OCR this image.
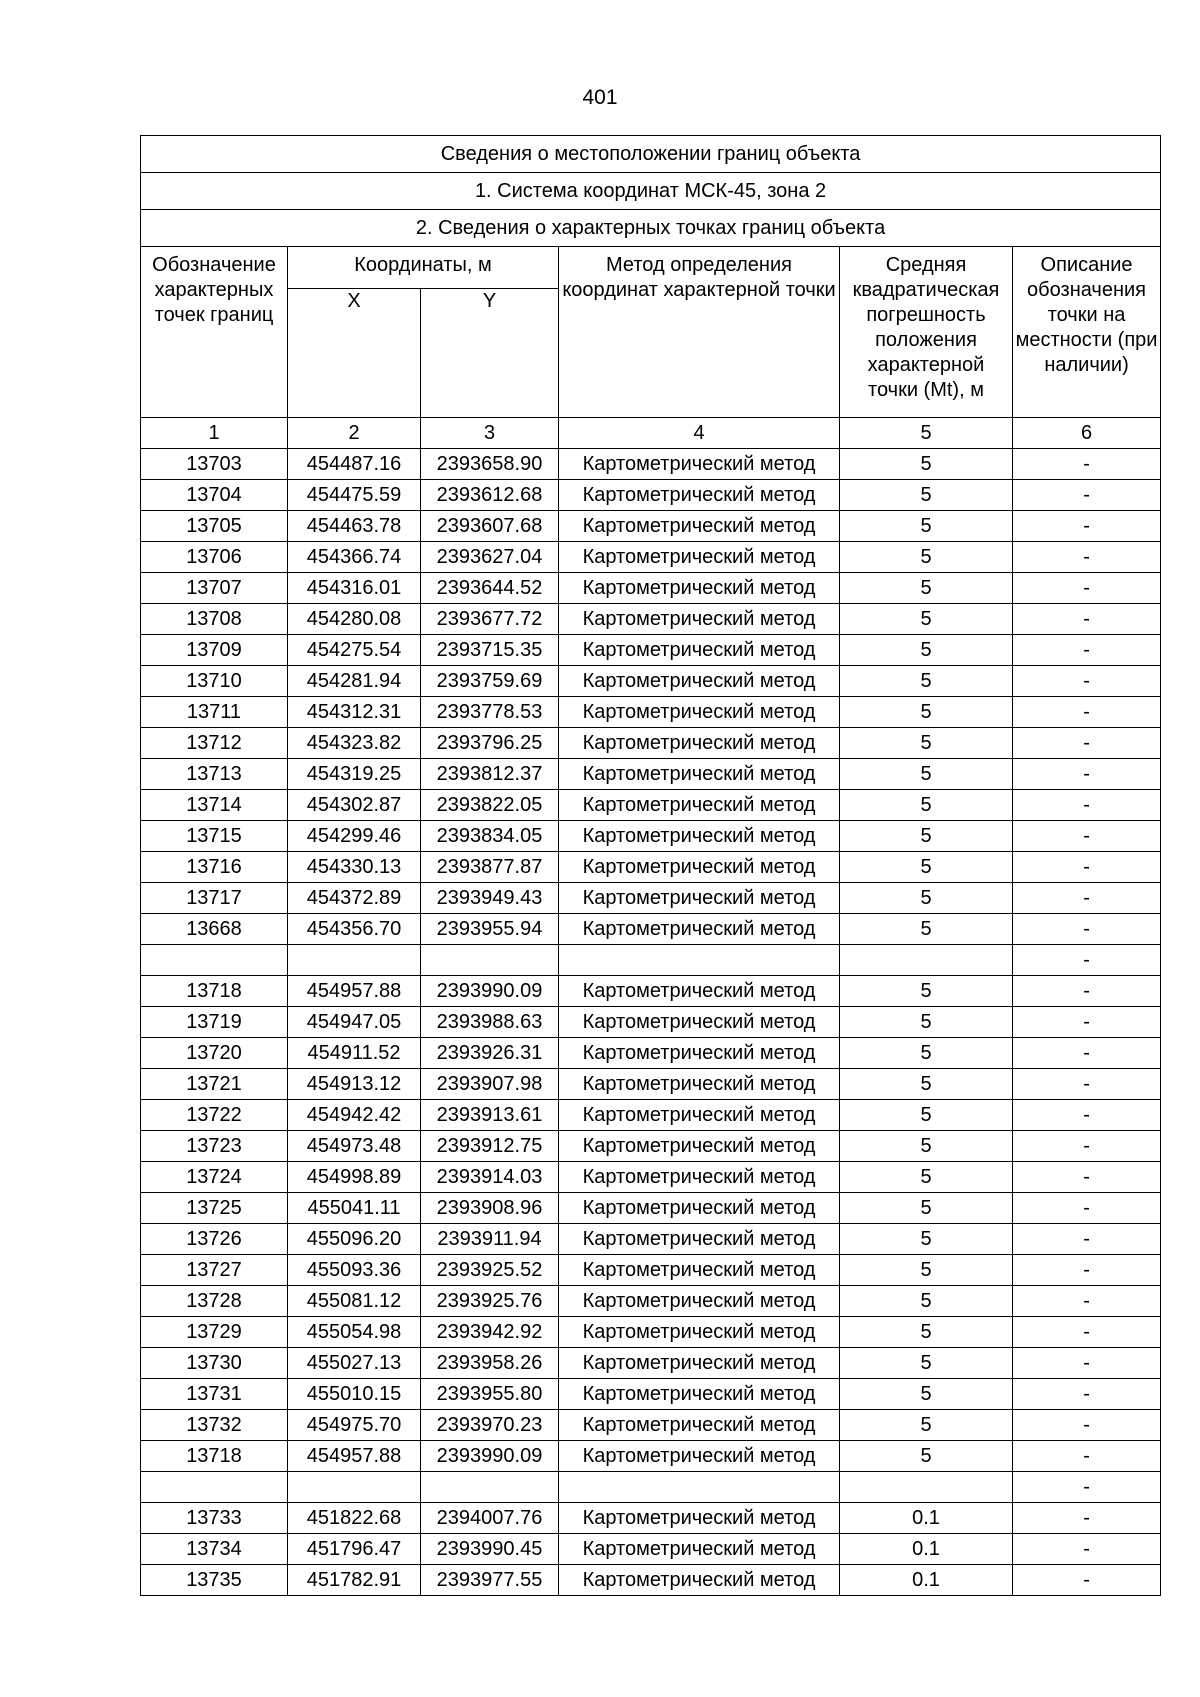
401
Сведения о местоположении границ объекта					
1. Система координат МСК-45, зона 2					
2. Сведения о характерных точках границ объекта					
Обозначение характерных точек границ	Координаты, м		Метод определения координат характерной точки	Средняя квадратическая погрешность положения характерной точки (Mt), м	Описание обозначения точки на местности (при наличии)
	X	Y			
1	2	3	4	5	6
13703	454487.16	2393658.90	Картометрический метод	5	-
13704	454475.59	2393612.68	Картометрический метод	5	-
13705	454463.78	2393607.68	Картометрический метод	5	-
13706	454366.74	2393627.04	Картометрический метод	5	-
13707	454316.01	2393644.52	Картометрический метод	5	-
13708	454280.08	2393677.72	Картометрический метод	5	-
13709	454275.54	2393715.35	Картометрический метод	5	-
13710	454281.94	2393759.69	Картометрический метод	5	-
13711	454312.31	2393778.53	Картометрический метод	5	-
13712	454323.82	2393796.25	Картометрический метод	5	-
13713	454319.25	2393812.37	Картометрический метод	5	-
13714	454302.87	2393822.05	Картометрический метод	5	-
13715	454299.46	2393834.05	Картометрический метод	5	-
13716	454330.13	2393877.87	Картометрический метод	5	-
13717	454372.89	2393949.43	Картометрический метод	5	-
13668	454356.70	2393955.94	Картометрический метод	5	-
					-
13718	454957.88	2393990.09	Картометрический метод	5	-
13719	454947.05	2393988.63	Картометрический метод	5	-
13720	454911.52	2393926.31	Картометрический метод	5	-
13721	454913.12	2393907.98	Картометрический метод	5	-
13722	454942.42	2393913.61	Картометрический метод	5	-
13723	454973.48	2393912.75	Картометрический метод	5	-
13724	454998.89	2393914.03	Картометрический метод	5	-
13725	455041.11	2393908.96	Картометрический метод	5	-
13726	455096.20	2393911.94	Картометрический метод	5	-
13727	455093.36	2393925.52	Картометрический метод	5	-
13728	455081.12	2393925.76	Картометрический метод	5	-
13729	455054.98	2393942.92	Картометрический метод	5	-
13730	455027.13	2393958.26	Картометрический метод	5	-
13731	455010.15	2393955.80	Картометрический метод	5	-
13732	454975.70	2393970.23	Картометрический метод	5	-
13718	454957.88	2393990.09	Картометрический метод	5	-
					-
13733	451822.68	2394007.76	Картометрический метод	0.1	-
13734	451796.47	2393990.45	Картометрический метод	0.1	-
13735	451782.91	2393977.55	Картометрический метод	0.1	-
